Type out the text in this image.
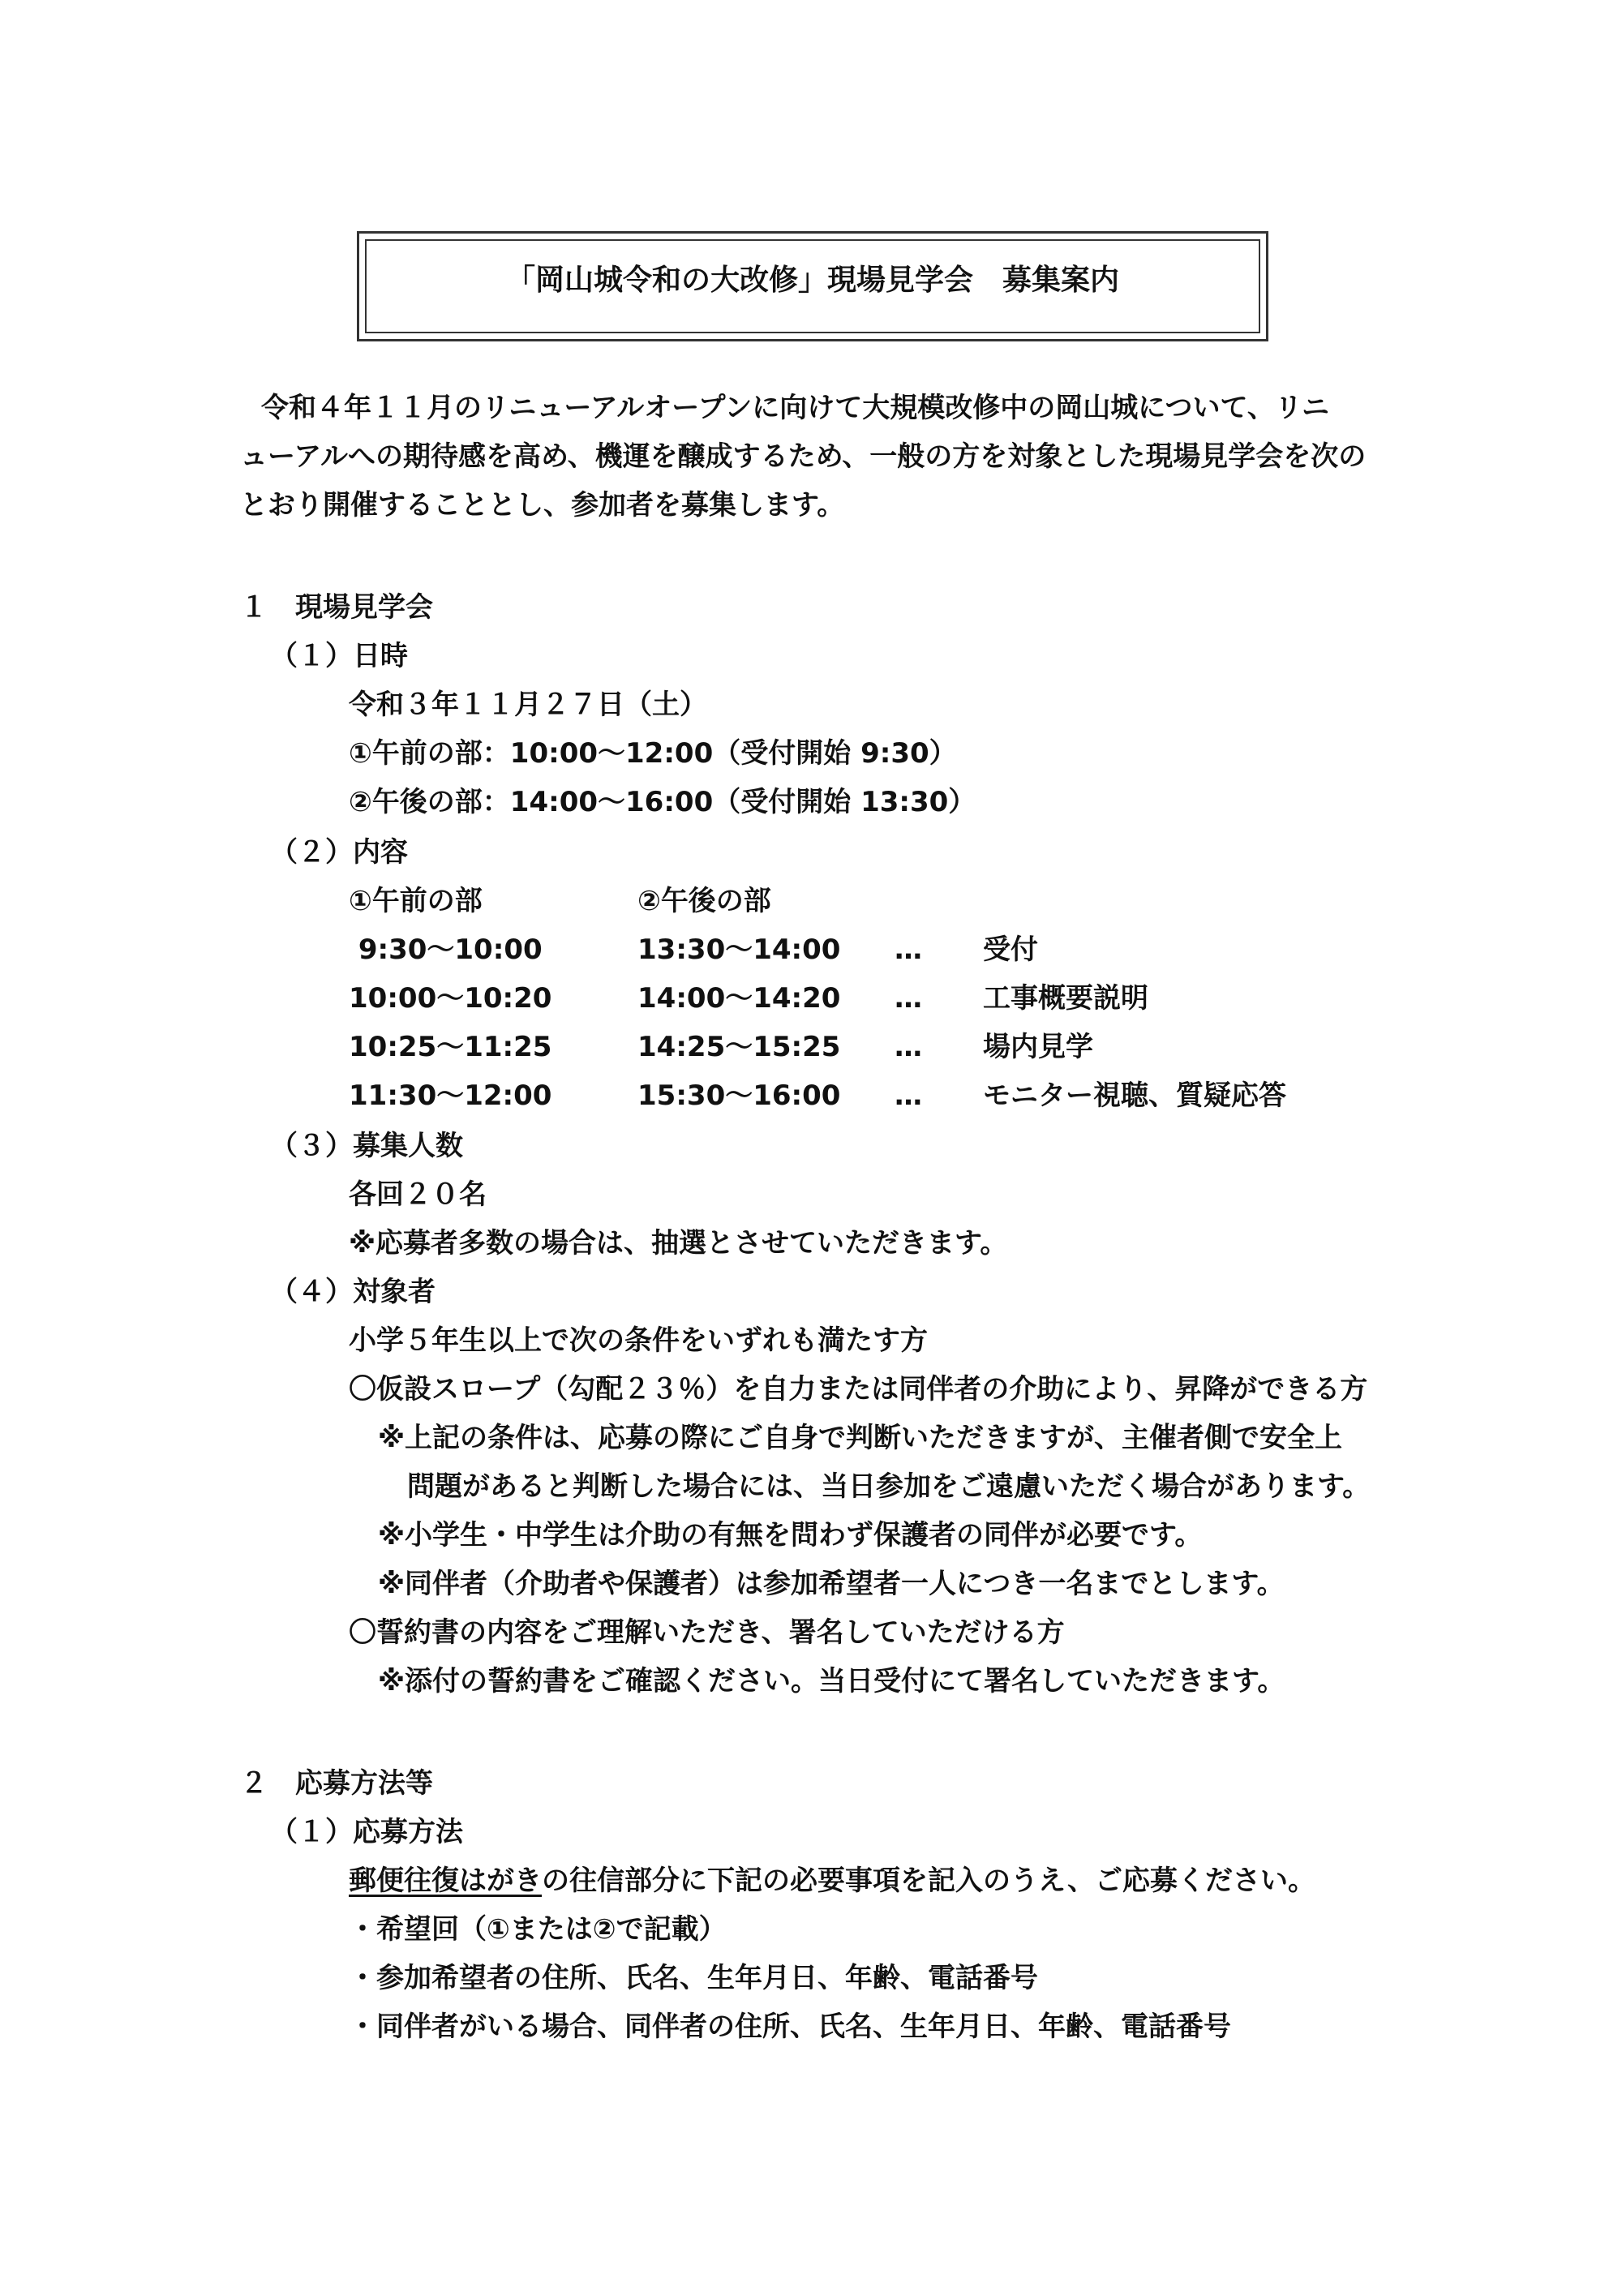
「岡山城令和の大改修」現場見学会　募集案内
令和４年１１月のリニューアルオープンに向けて大規模改修中の岡山城について、リニ
ューアルへの期待感を高め、機運を醸成するため、一般の方を対象とした現場見学会を次の
とおり開催することとし、参加者を募集します。
１　現場見学会
（１）日時
令和３年１１月２７日（土）
①午前の部：10:00～12:00（受付開始 9:30）
②午後の部：14:00～16:00（受付開始 13:30）
（２）内容
①午前の部	②午後の部
9:30～10:00	13:30～14:00 … 受付
10:00～10:20	14:00～14:20 … 工事概要説明
10:25～11:25	14:25～15:25 … 場内見学
11:30～12:00	15:30～16:00 … モニター視聴、質疑応答
（３）募集人数
各回２０名
※応募者多数の場合は、抽選とさせていただきます。
（４）対象者
小学５年生以上で次の条件をいずれも満たす方
〇仮設スロープ（勾配２３％）を自力または同伴者の介助により、昇降ができる方
※上記の条件は、応募の際にご自身で判断いただきますが、主催者側で安全上
問題があると判断した場合には、当日参加をご遠慮いただく場合があります。
※小学生・中学生は介助の有無を問わず保護者の同伴が必要です。
※同伴者（介助者や保護者）は参加希望者一人につき一名までとします。
〇誓約書の内容をご理解いただき、署名していただける方
※添付の誓約書をご確認ください。当日受付にて署名していただきます。
２　応募方法等
（１）応募方法
郵便往復はがきの往信部分に下記の必要事項を記入のうえ、ご応募ください。
・希望回（①または②で記載）
・参加希望者の住所、氏名、生年月日、年齢、電話番号
・同伴者がいる場合、同伴者の住所、氏名、生年月日、年齢、電話番号
